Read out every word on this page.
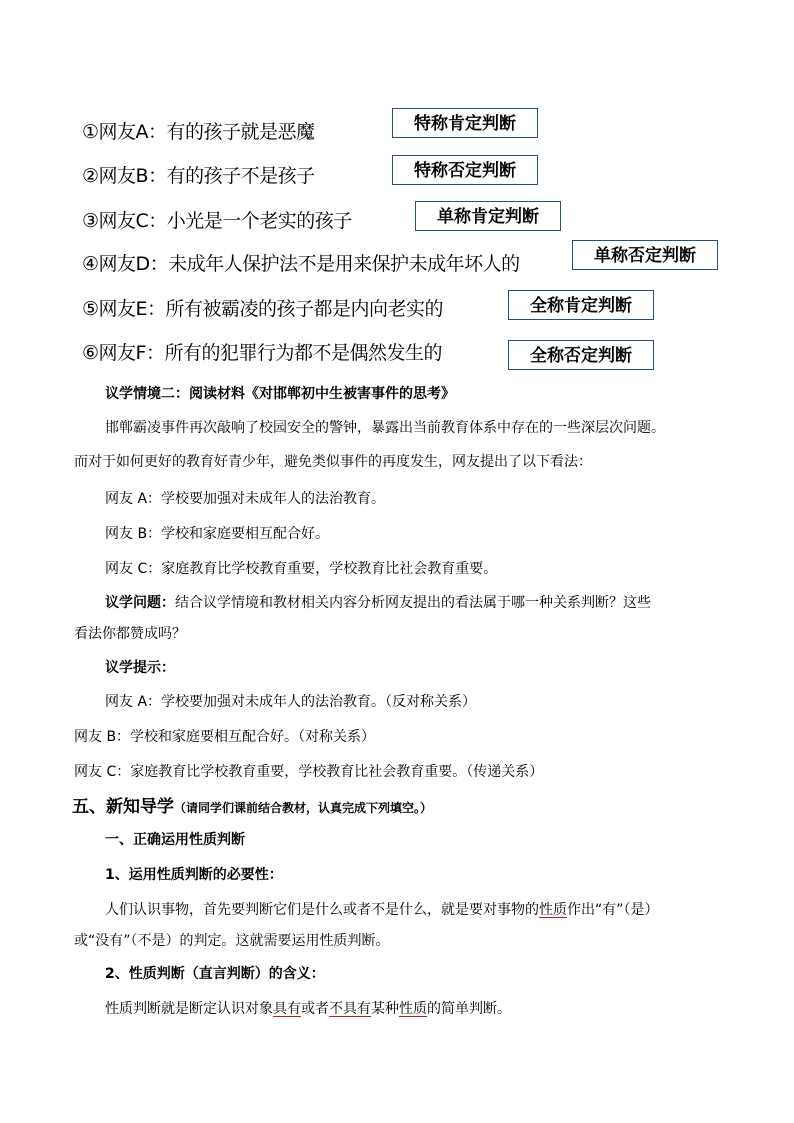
①网友A：有的孩子就是恶魔	特称肯定判断
②网友B：有的孩子不是孩子	特称否定判断
③网友C：小光是一个老实的孩子	单称肯定判断
④网友D：未成年人保护法不是用来保护未成年坏人的	单称否定判断
⑤网友E：所有被霸凌的孩子都是内向老实的	全称肯定判断
⑥网友F：所有的犯罪行为都不是偶然发生的	全称否定判断
议学情境二：阅读材料《对邯郸初中生被害事件的思考》
邯郸霸凌事件再次敲响了校园安全的警钟，暴露出当前教育体系中存在的一些深层次问题。
而对于如何更好的教育好青少年，避免类似事件的再度发生，网友提出了以下看法：
网友 A：学校要加强对未成年人的法治教育。
网友 B：学校和家庭要相互配合好。
网友 C：家庭教育比学校教育重要，学校教育比社会教育重要。
议学问题：结合议学情境和教材相关内容分析网友提出的看法属于哪一种关系判断？这些
看法你都赞成吗？
议学提示：
网友 A：学校要加强对未成年人的法治教育。（反对称关系）
网友 B：学校和家庭要相互配合好。（对称关系）
网友 C：家庭教育比学校教育重要，学校教育比社会教育重要。（传递关系）
五、新知导学（请同学们课前结合教材，认真完成下列填空。）
一、正确运用性质判断
1、运用性质判断的必要性：
人们认识事物，首先要判断它们是什么或者不是什么，就是要对事物的性质作出“有”（是）
或“没有”（不是）的判定。这就需要运用性质判断。
2、性质判断（直言判断）的含义：
性质判断就是断定认识对象具有或者不具有某种性质的简单判断。
